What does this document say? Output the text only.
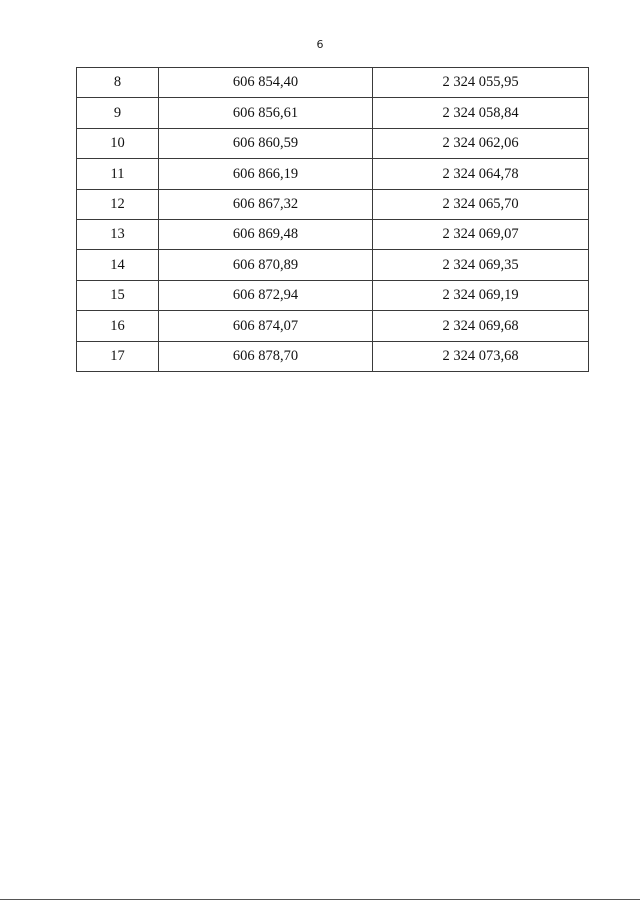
6
8	606 854,40	2 324 055,95
9	606 856,61	2 324 058,84
10	606 860,59	2 324 062,06
11	606 866,19	2 324 064,78
12	606 867,32	2 324 065,70
13	606 869,48	2 324 069,07
14	606 870,89	2 324 069,35
15	606 872,94	2 324 069,19
16	606 874,07	2 324 069,68
17	606 878,70	2 324 073,68
